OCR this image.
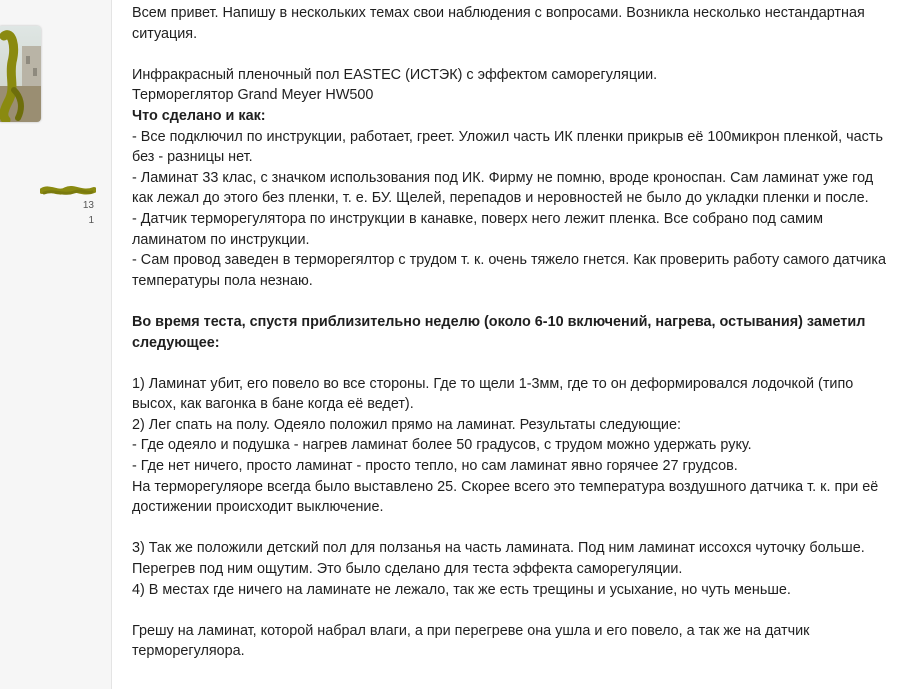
13
1

Всем привет. Напишу в нескольких темах свои наблюдения с вопросами. Возникла несколько нестандартная ситуация.

Инфракрасный пленочный пол EASTEC (ИСТЭК) с эффектом саморегуляции.

Термореглятор Grand Meyer HW500

Что сделано и как:

- Все подключил по инструкции, работает, греет. Уложил часть ИК пленки прикрыв её 100микрон пленкой, часть без - разницы нет.

- Ламинат 33 клас, с значком использования под ИК. Фирму не помню, вроде кроноспан. Сам ламинат уже год как лежал до этого без пленки, т. е. БУ. Щелей, перепадов и неровностей не было до укладки пленки и после.

- Датчик терморегулятора по инструкции в канавке, поверх него лежит пленка. Все собрано под самим ламинатом по инструкции.

- Сам провод заведен в терморегялтор с трудом т. к. очень тяжело гнется. Как проверить работу самого датчика температуры пола незнаю.

Во время теста, спустя приблизительно неделю (около 6-10 включений, нагрева, остывания) заметил следующее:

1) Ламинат убит, его повело во все стороны. Где то щели 1-3мм, где то он деформировался лодочкой (типо высох, как вагонка в бане когда её ведет).

2) Лег спать на полу. Одеяло положил прямо на ламинат. Результаты следующие:

- Где одеяло и подушка - нагрев ламинат более 50 градусов, с трудом можно удержать руку.

- Где нет ничего, просто ламинат - просто тепло, но сам ламинат явно горячее 27 грудсов.

На терморегуляоре всегда было выставлено 25. Скорее всего это температура воздушного датчика т. к. при её достижении происходит выключение.

3) Так же положили детский пол для ползанья на часть ламината. Под ним ламинат иссохся чуточку больше. Перегрев под ним ощутим. Это было сделано для теста эффекта саморегуляции.

4) В местах где ничего на ламинате не лежало, так же есть трещины и усыхание, но чуть меньше.

Грешу на ламинат, которой набрал влаги, а при перегреве она ушла и его повело, а так же на датчик терморегуляора.
